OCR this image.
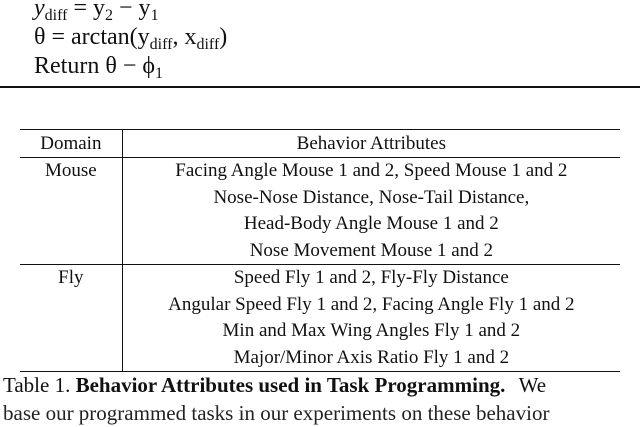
$y_{diff} = y_2 - y_1$
$\theta = \arctan(y_{diff}$, $x_{diff}$)
Return $\theta - \phi_1$
Domain	Behavior Attributes
Mouse	Facing Angle Mouse 1 and 2, Speed Mouse 1 and 2
Nose-Nose Distance, Nose-Tail Distance,
Head-Body Angle Mouse 1 and 2
Nose Movement Mouse 1 and 2

Fly	Speed Fly 1 and 2, Fly-Fly Distance
Angular Speed Fly 1 and 2, Facing Angle Fly 1 and 2
Min and Max Wing Angles Fly 1 and 2
Major/Minor Axis Ratio Fly 1 and 2
Table 1. Behavior Attributes used in Task Programming. We
base our programmed tasks in our experiments on these behavior
